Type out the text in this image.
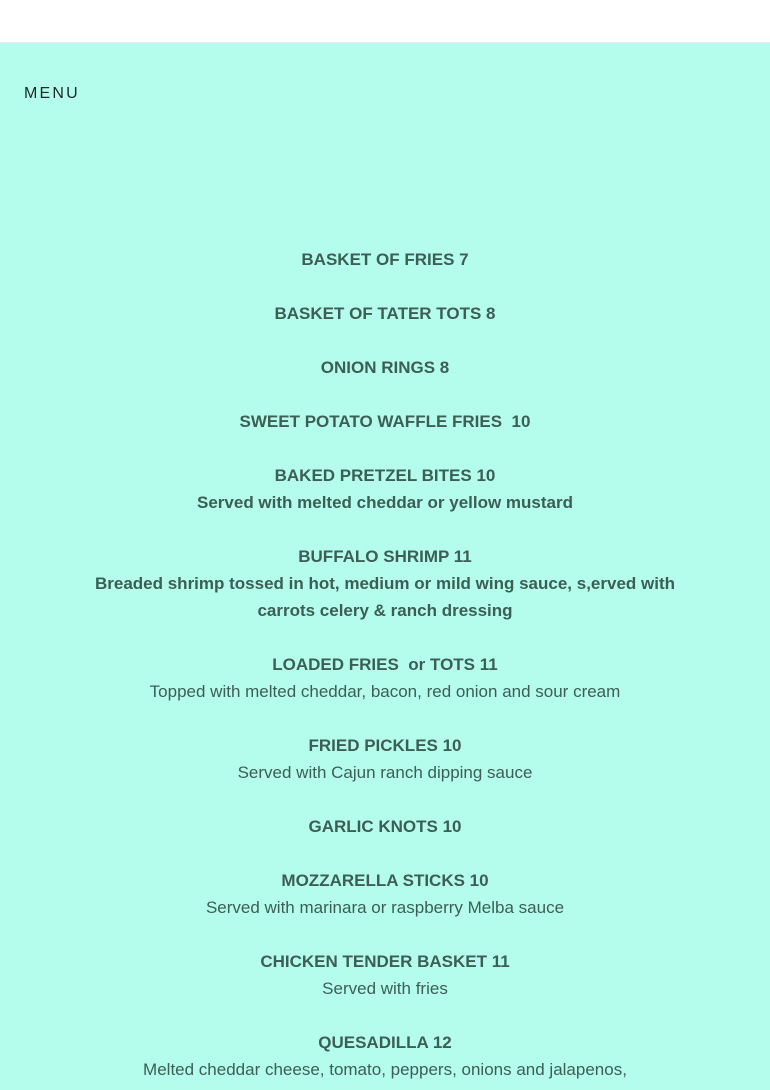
MENU
BASKET OF FRIES 7
BASKET OF TATER TOTS 8
ONION RINGS 8
SWEET POTATO WAFFLE FRIES  10
BAKED PRETZEL BITES 10
Served with melted cheddar or yellow mustard
BUFFALO SHRIMP 11
Breaded shrimp tossed in hot, medium or mild wing sauce, s,erved with carrots celery & ranch dressing
LOADED FRIES  or TOTS 11
Topped with melted cheddar, bacon, red onion and sour cream
FRIED PICKLES 10
Served with Cajun ranch dipping sauce
GARLIC KNOTS 10
MOZZARELLA STICKS 10
Served with marinara or raspberry Melba sauce
CHICKEN TENDER BASKET 11
Served with fries
QUESADILLA 12
Melted cheddar cheese, tomato, peppers, onions and jalapenos,
